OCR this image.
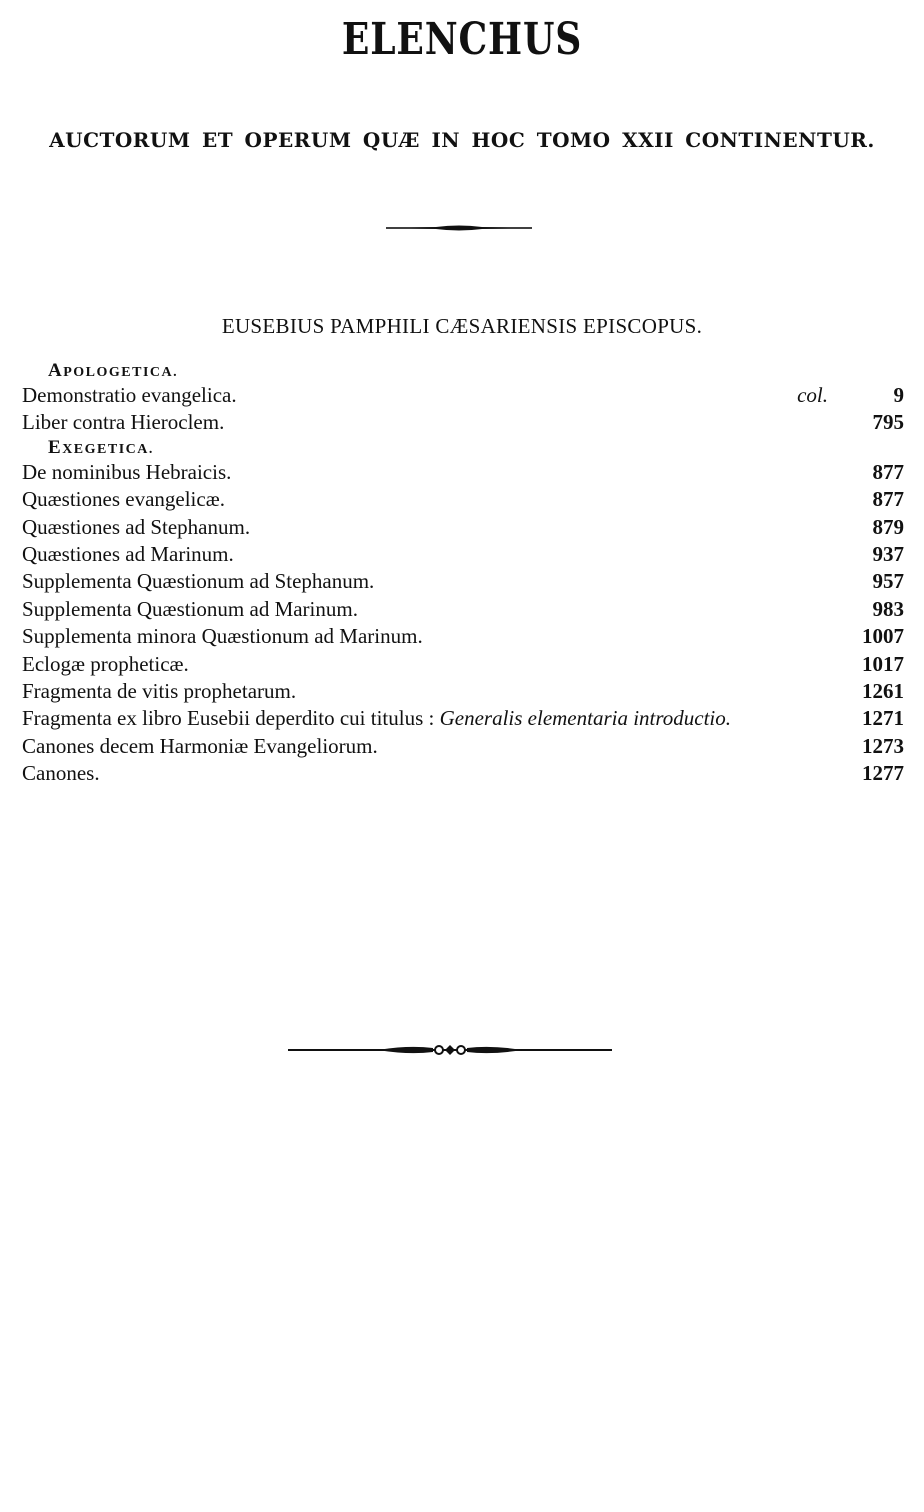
ELENCHUS
AUCTORUM ET OPERUM QUÆ IN HOC TOMO XXII CONTINENTUR.
EUSEBIUS PAMPHILI CÆSARIENSIS EPISCOPUS.
APOLOGETICA.
Demonstratio evangelica.	col.	9
Liber contra Hieroclem.	795
EXEGETICA.
De nominibus Hebraicis.	877
Quæstiones evangelicæ.	877
Quæstiones ad Stephanum.	879
Quæstiones ad Marinum.	937
Supplementa Quæstionum ad Stephanum.	957
Supplementa Quæstionum ad Marinum.	983
Supplementa minora Quæstionum ad Marinum.	1007
Eclogæ propheticæ.	1017
Fragmenta de vitis prophetarum.	1261
Fragmenta ex libro Eusebii deperdito cui titulus : Generalis elementaria introductio.	1271
Canones decem Harmoniæ Evangeliorum.	1273
Canones.	1277
